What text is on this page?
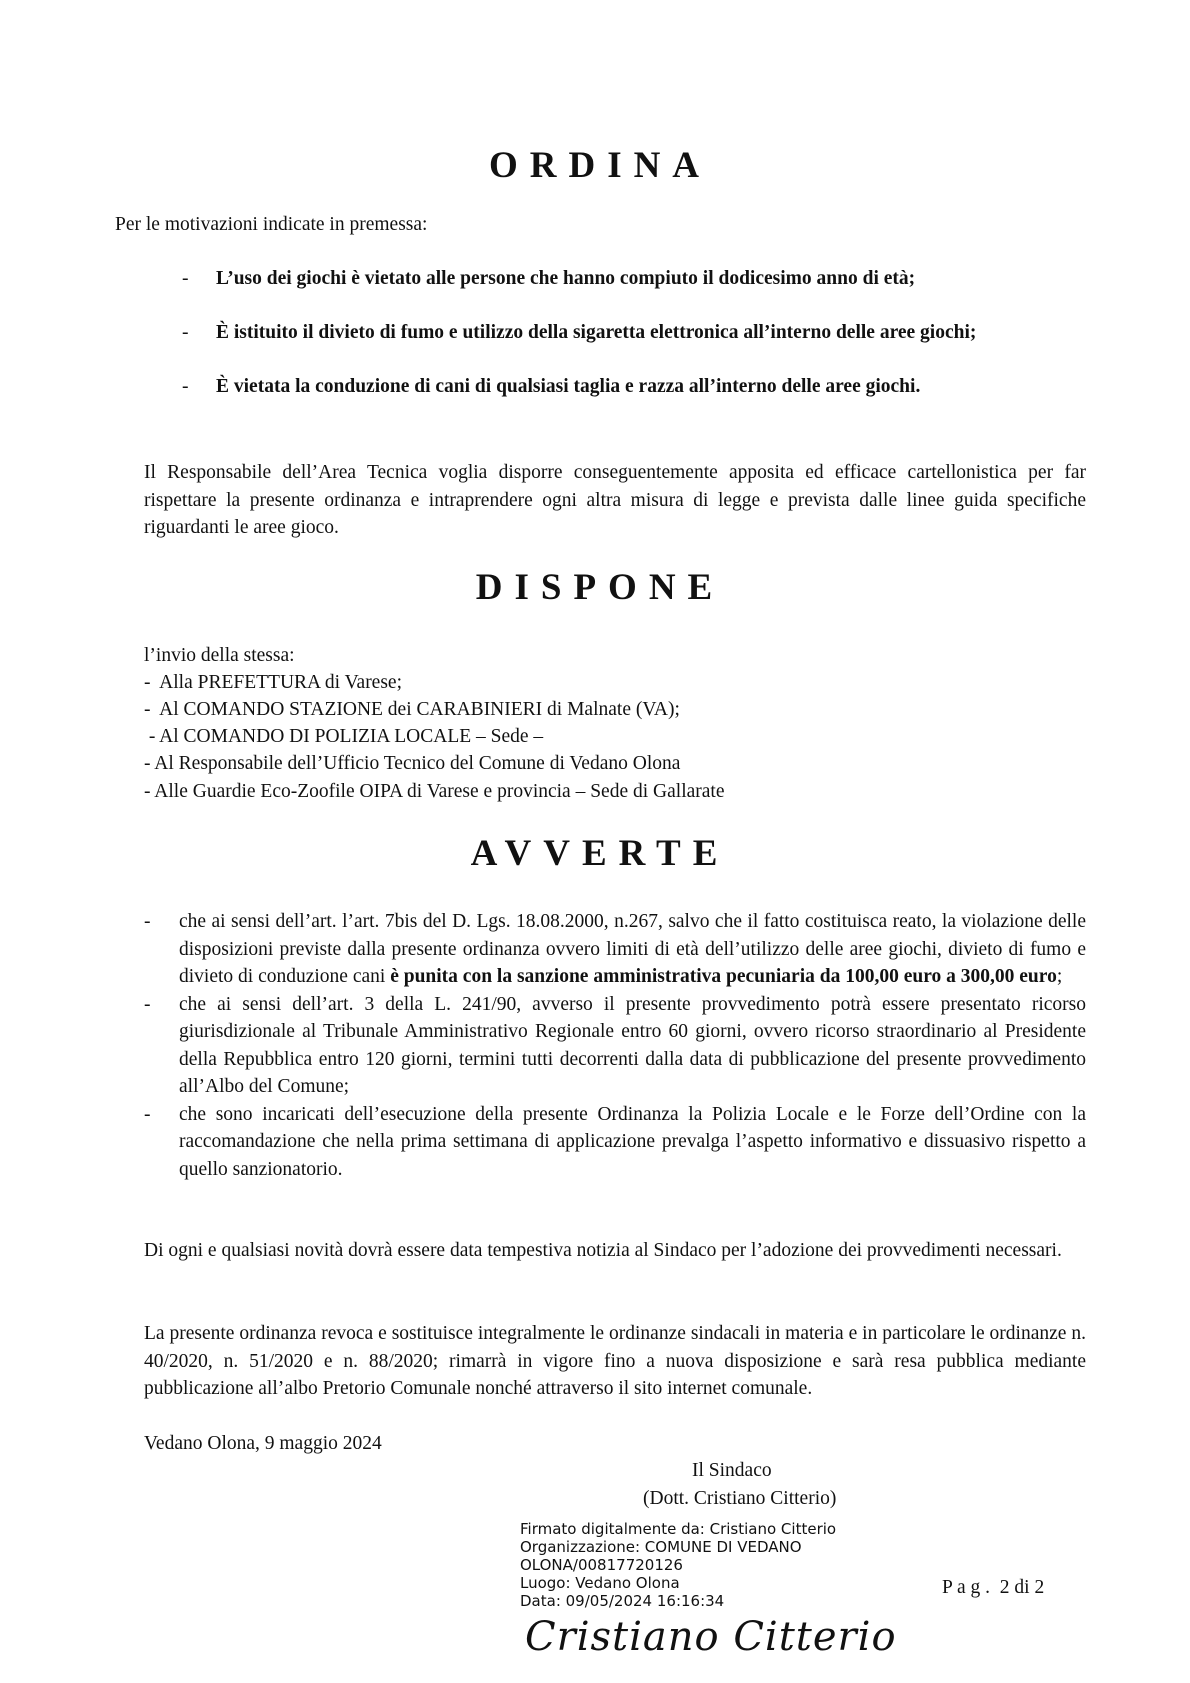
ORDINA
Per le motivazioni indicate in premessa:
- L’uso dei giochi è vietato alle persone che hanno compiuto il dodicesimo anno di età;
- È istituito il divieto di fumo e utilizzo della sigaretta elettronica all’interno delle aree giochi;
- È vietata la conduzione di cani di qualsiasi taglia e razza all’interno delle aree giochi.
Il Responsabile dell’Area Tecnica voglia disporre conseguentemente apposita ed efficace cartellonistica per far rispettare la presente ordinanza e intraprendere ogni altra misura di legge e prevista dalle linee guida specifiche riguardanti le aree gioco.
DISPONE
l’invio della stessa:
-  Alla PREFETTURA di Varese;
-  Al COMANDO STAZIONE dei CARABINIERI di Malnate (VA);
- Al COMANDO DI POLIZIA LOCALE – Sede –
- Al Responsabile dell’Ufficio Tecnico del Comune di Vedano Olona
- Alle Guardie Eco-Zoofile OIPA di Varese e provincia – Sede di Gallarate
AVVERTE
- che ai sensi dell’art. l’art. 7bis del D. Lgs. 18.08.2000, n.267, salvo che il fatto costituisca reato, la violazione delle disposizioni previste dalla presente ordinanza ovvero limiti di età dell’utilizzo delle aree giochi, divieto di fumo e divieto di conduzione cani è punita con la sanzione amministrativa pecuniaria da 100,00 euro a 300,00 euro;
- che ai sensi dell’art. 3 della L. 241/90, avverso il presente provvedimento potrà essere presentato ricorso giurisdizionale al Tribunale Amministrativo Regionale entro 60 giorni, ovvero ricorso straordinario al Presidente della Repubblica entro 120 giorni, termini tutti decorrenti dalla data di pubblicazione del presente provvedimento all’Albo del Comune;
- che sono incaricati dell’esecuzione della presente Ordinanza la Polizia Locale e le Forze dell’Ordine con la raccomandazione che nella prima settimana di applicazione prevalga l’aspetto informativo e dissuasivo rispetto a quello sanzionatorio.
Di ogni e qualsiasi novità dovrà essere data tempestiva notizia al Sindaco per l’adozione dei provvedimenti necessari.
La presente ordinanza revoca e sostituisce integralmente le ordinanze sindacali in materia e in particolare le ordinanze n. 40/2020, n. 51/2020 e n. 88/2020; rimarrà in vigore fino a nuova disposizione e sarà resa pubblica mediante pubblicazione all’albo Pretorio Comunale nonché attraverso il sito internet comunale.
Vedano Olona, 9 maggio 2024
Il Sindaco
(Dott. Cristiano Citterio)
Firmato digitalmente da: Cristiano Citterio
Organizzazione: COMUNE DI VEDANO
OLONA/00817720126
Luogo: Vedano Olona
Data: 09/05/2024 16:16:34
Cristiano Citterio
P a g .  2 di 2
